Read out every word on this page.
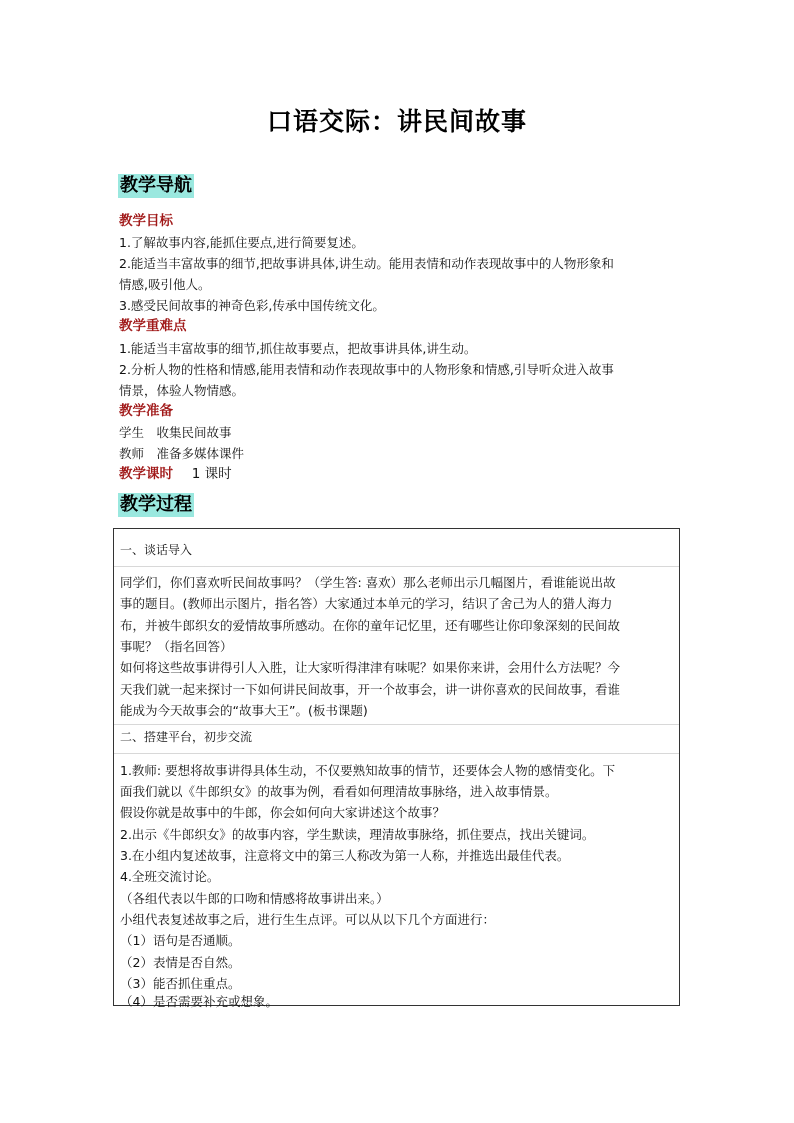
口语交际：讲民间故事
教学导航
教学目标
1.了解故事内容,能抓住要点,进行简要复述。
2.能适当丰富故事的细节,把故事讲具体,讲生动。能用表情和动作表现故事中的人物形象和
情感,吸引他人。
3.感受民间故事的神奇色彩,传承中国传统文化。
教学重难点
1.能适当丰富故事的细节,抓住故事要点，把故事讲具体,讲生动。
2.分析人物的性格和情感,能用表情和动作表现故事中的人物形象和情感,引导听众进入故事
情景，体验人物情感。
教学准备
学生　收集民间故事
教师　准备多媒体课件
教学课时 1 课时
教学过程
一、谈话导入
同学们，你们喜欢听民间故事吗？（学生答: 喜欢）那么老师出示几幅图片，看谁能说出故
事的题目。(教师出示图片，指名答）大家通过本单元的学习，结识了舍己为人的猎人海力
布，并被牛郎织女的爱情故事所感动。在你的童年记忆里，还有哪些让你印象深刻的民间故
事呢？（指名回答）
如何将这些故事讲得引人入胜，让大家听得津津有味呢？如果你来讲，会用什么方法呢？今
天我们就一起来探讨一下如何讲民间故事，开一个故事会，讲一讲你喜欢的民间故事，看谁
能成为今天故事会的“故事大王”。(板书课题)
二、搭建平台，初步交流
1.教师: 要想将故事讲得具体生动，不仅要熟知故事的情节，还要体会人物的感情变化。下
面我们就以《牛郎织女》的故事为例，看看如何理清故事脉络，进入故事情景。
假设你就是故事中的牛郎，你会如何向大家讲述这个故事？
2.出示《牛郎织女》的故事内容，学生默读，理清故事脉络，抓住要点，找出关键词。
3.在小组内复述故事，注意将文中的第三人称改为第一人称，并推选出最佳代表。
4.全班交流讨论。
（各组代表以牛郎的口吻和情感将故事讲出来。）
小组代表复述故事之后，进行生生点评。可以从以下几个方面进行：
（1）语句是否通顺。
（2）表情是否自然。
（3）能否抓住重点。
（4）是否需要补充或想象。
